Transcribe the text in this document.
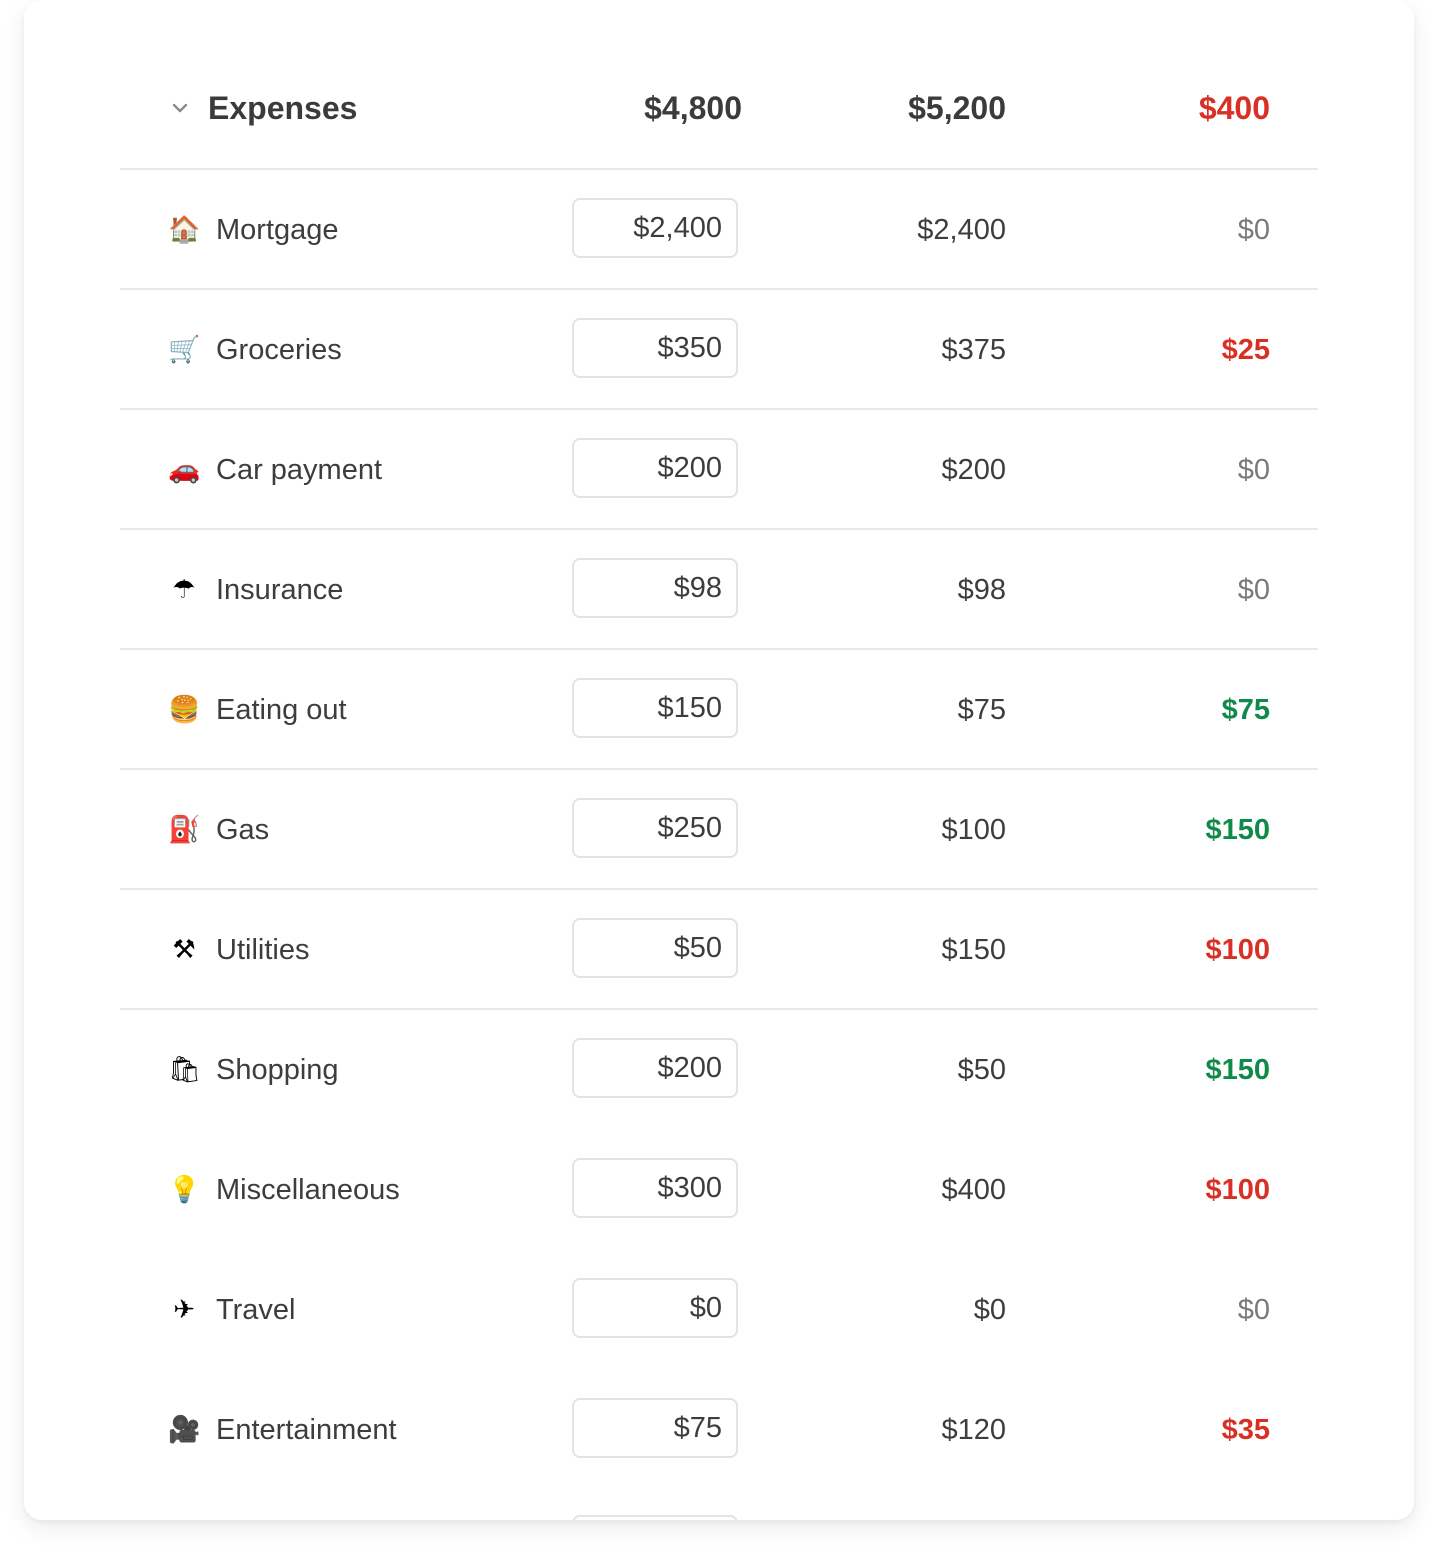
Expenses	$4,800	$5,200	$400
🏠 Mortgage	$2,400	$2,400	$0
🛒 Groceries	$350	$375	$25
🚗 Car payment	$200	$200	$0
☂ Insurance	$98	$98	$0
🍔 Eating out	$150	$75	$75
⛽ Gas	$250	$100	$150
⚒ Utilities	$50	$150	$100
🛍 Shopping	$200	$50	$150
💡 Miscellaneous	$300	$400	$100
✈ Travel	$0	$0	$0
🎥 Entertainment	$75	$120	$35
